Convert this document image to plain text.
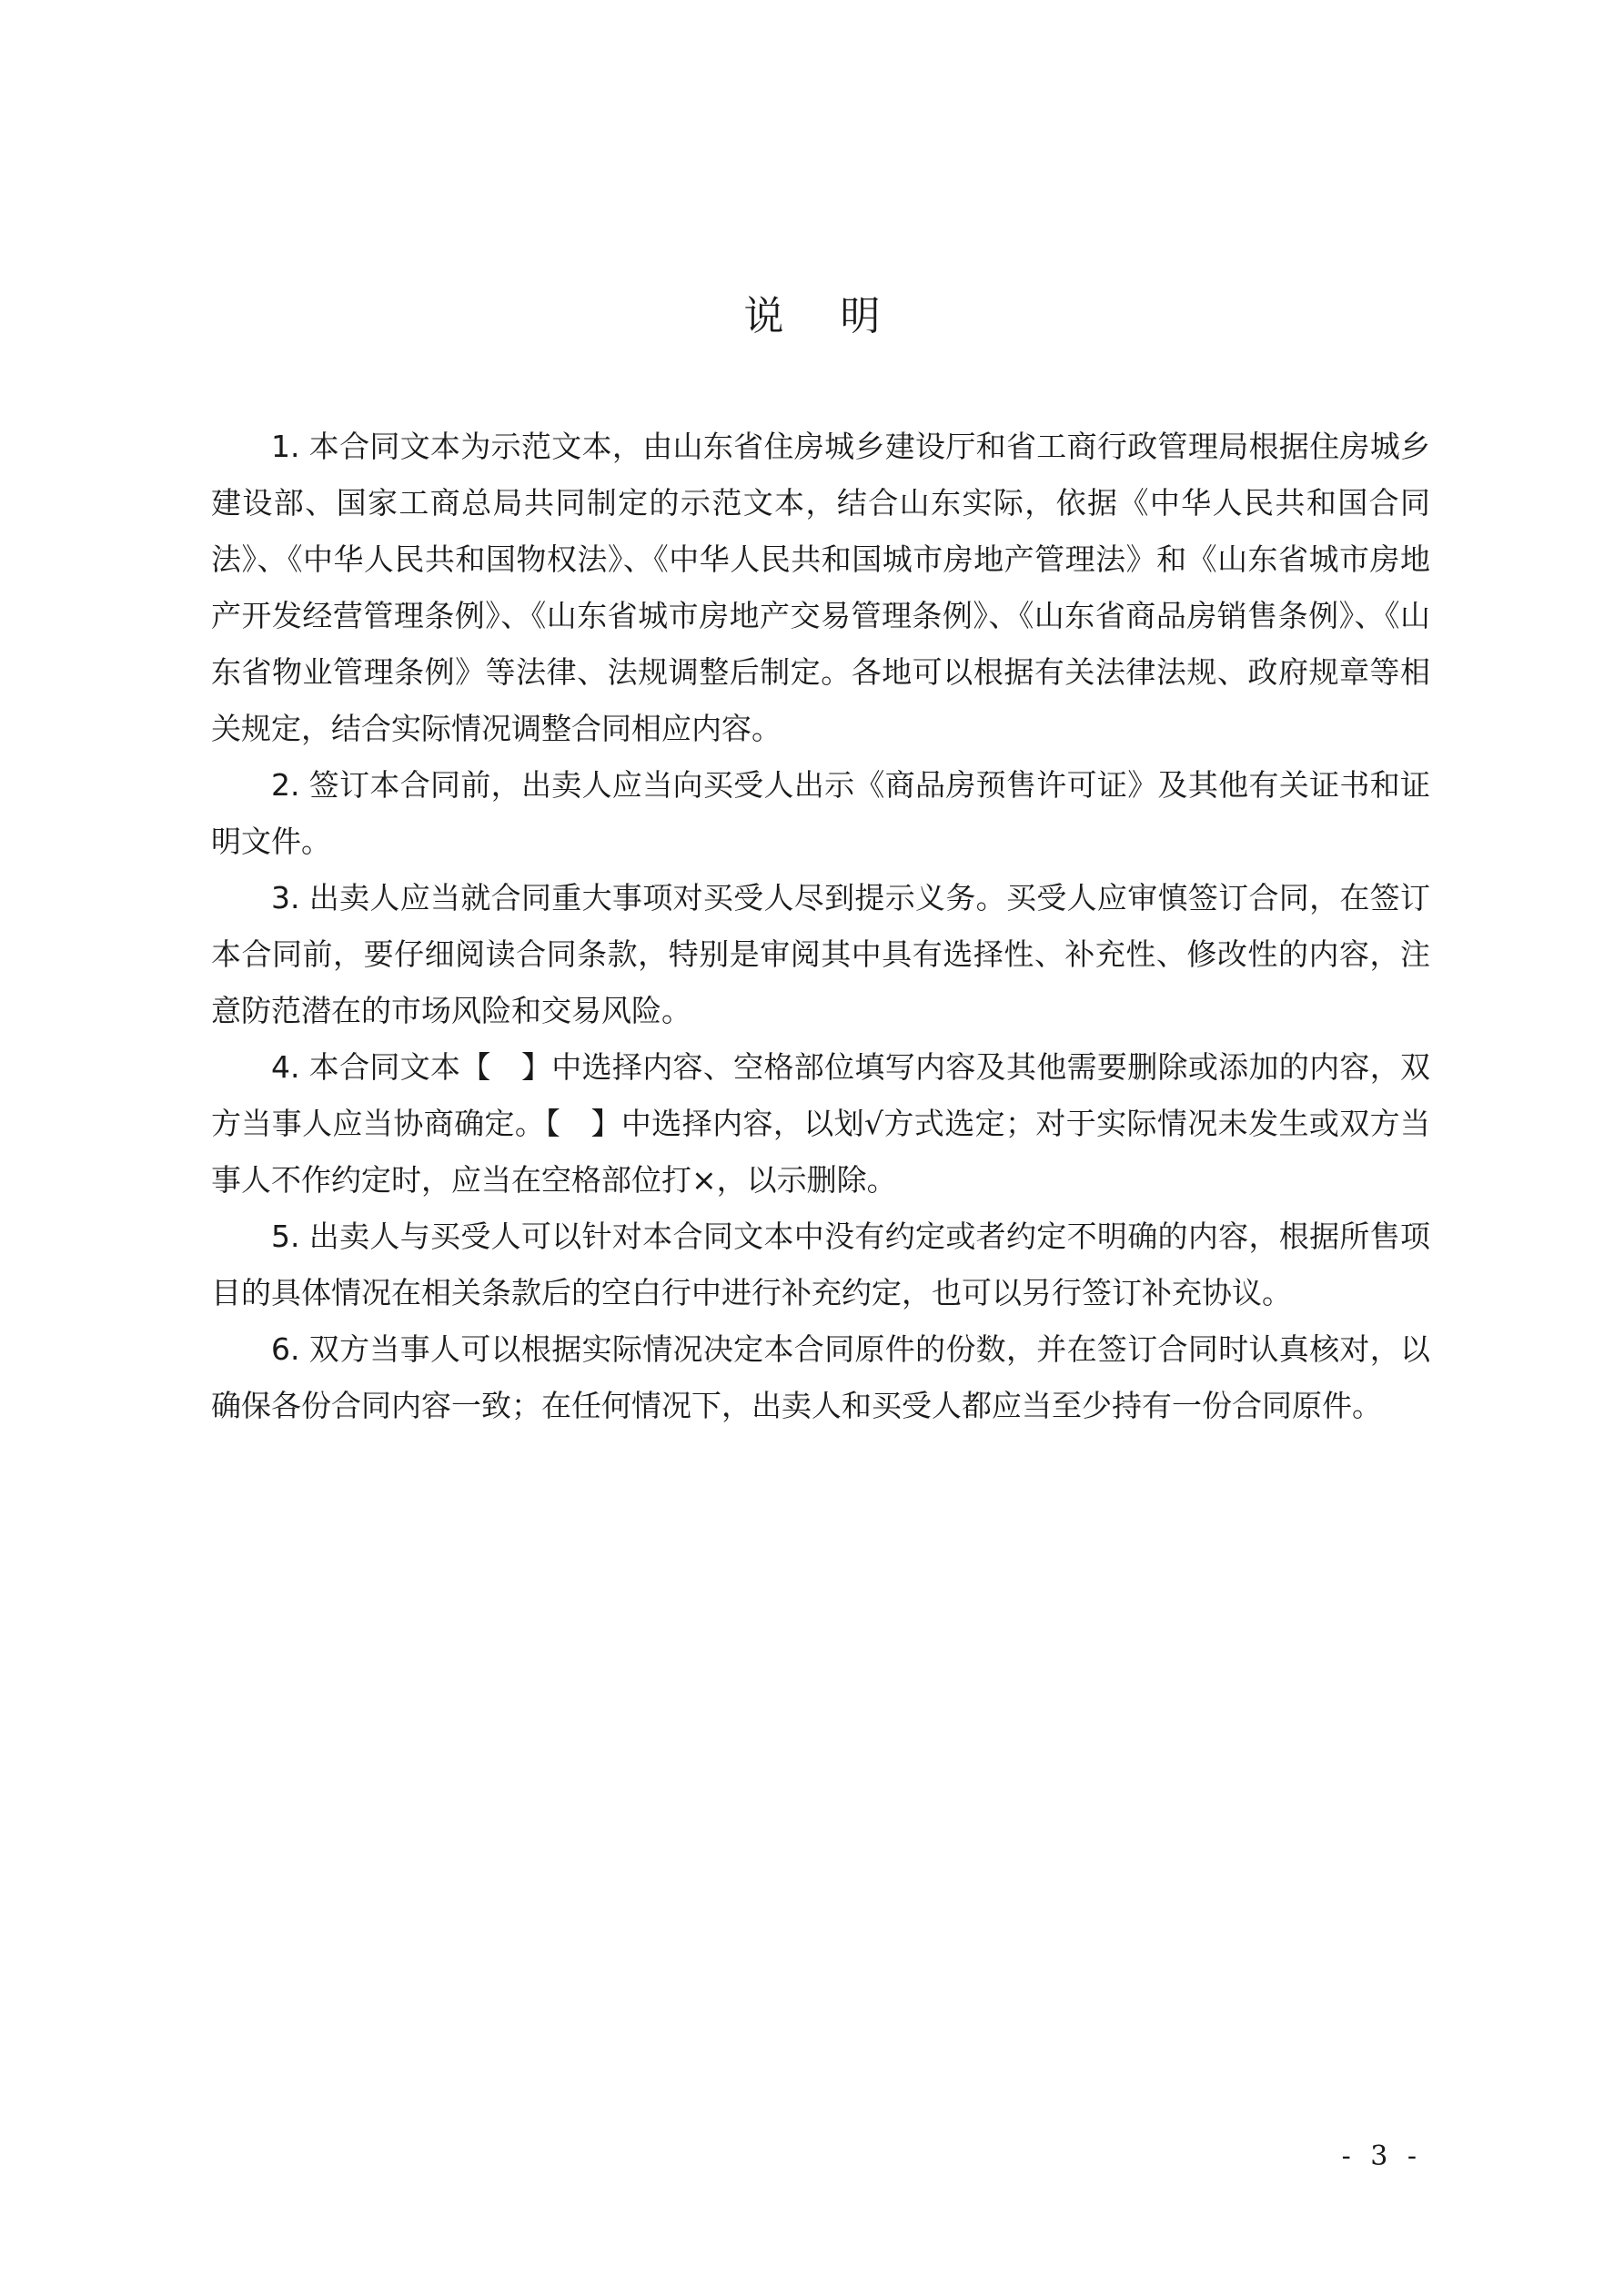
说明

1. 本合同文本为示范文本，由山东省住房城乡建设厅和省工商行政管理局根据住房城乡建设部、国家工商总局共同制定的示范文本，结合山东实际，依据《中华人民共和国合同法》、《中华人民共和国物权法》、《中华人民共和国城市房地产管理法》和《山东省城市房地产开发经营管理条例》、《山东省城市房地产交易管理条例》、《山东省商品房销售条例》、《山东省物业管理条例》等法律、法规调整后制定。各地可以根据有关法律法规、政府规章等相关规定，结合实际情况调整合同相应内容。

2. 签订本合同前，出卖人应当向买受人出示《商品房预售许可证》及其他有关证书和证明文件。

3. 出卖人应当就合同重大事项对买受人尽到提示义务。买受人应审慎签订合同，在签订本合同前，要仔细阅读合同条款，特别是审阅其中具有选择性、补充性、修改性的内容，注意防范潜在的市场风险和交易风险。

4. 本合同文本【　】中选择内容、空格部位填写内容及其他需要删除或添加的内容，双方当事人应当协商确定。【　】中选择内容，以划√方式选定；对于实际情况未发生或双方当事人不作约定时，应当在空格部位打×，以示删除。

5. 出卖人与买受人可以针对本合同文本中没有约定或者约定不明确的内容，根据所售项目的具体情况在相关条款后的空白行中进行补充约定，也可以另行签订补充协议。

6. 双方当事人可以根据实际情况决定本合同原件的份数，并在签订合同时认真核对，以确保各份合同内容一致；在任何情况下，出卖人和买受人都应当至少持有一份合同原件。

- 3 -
